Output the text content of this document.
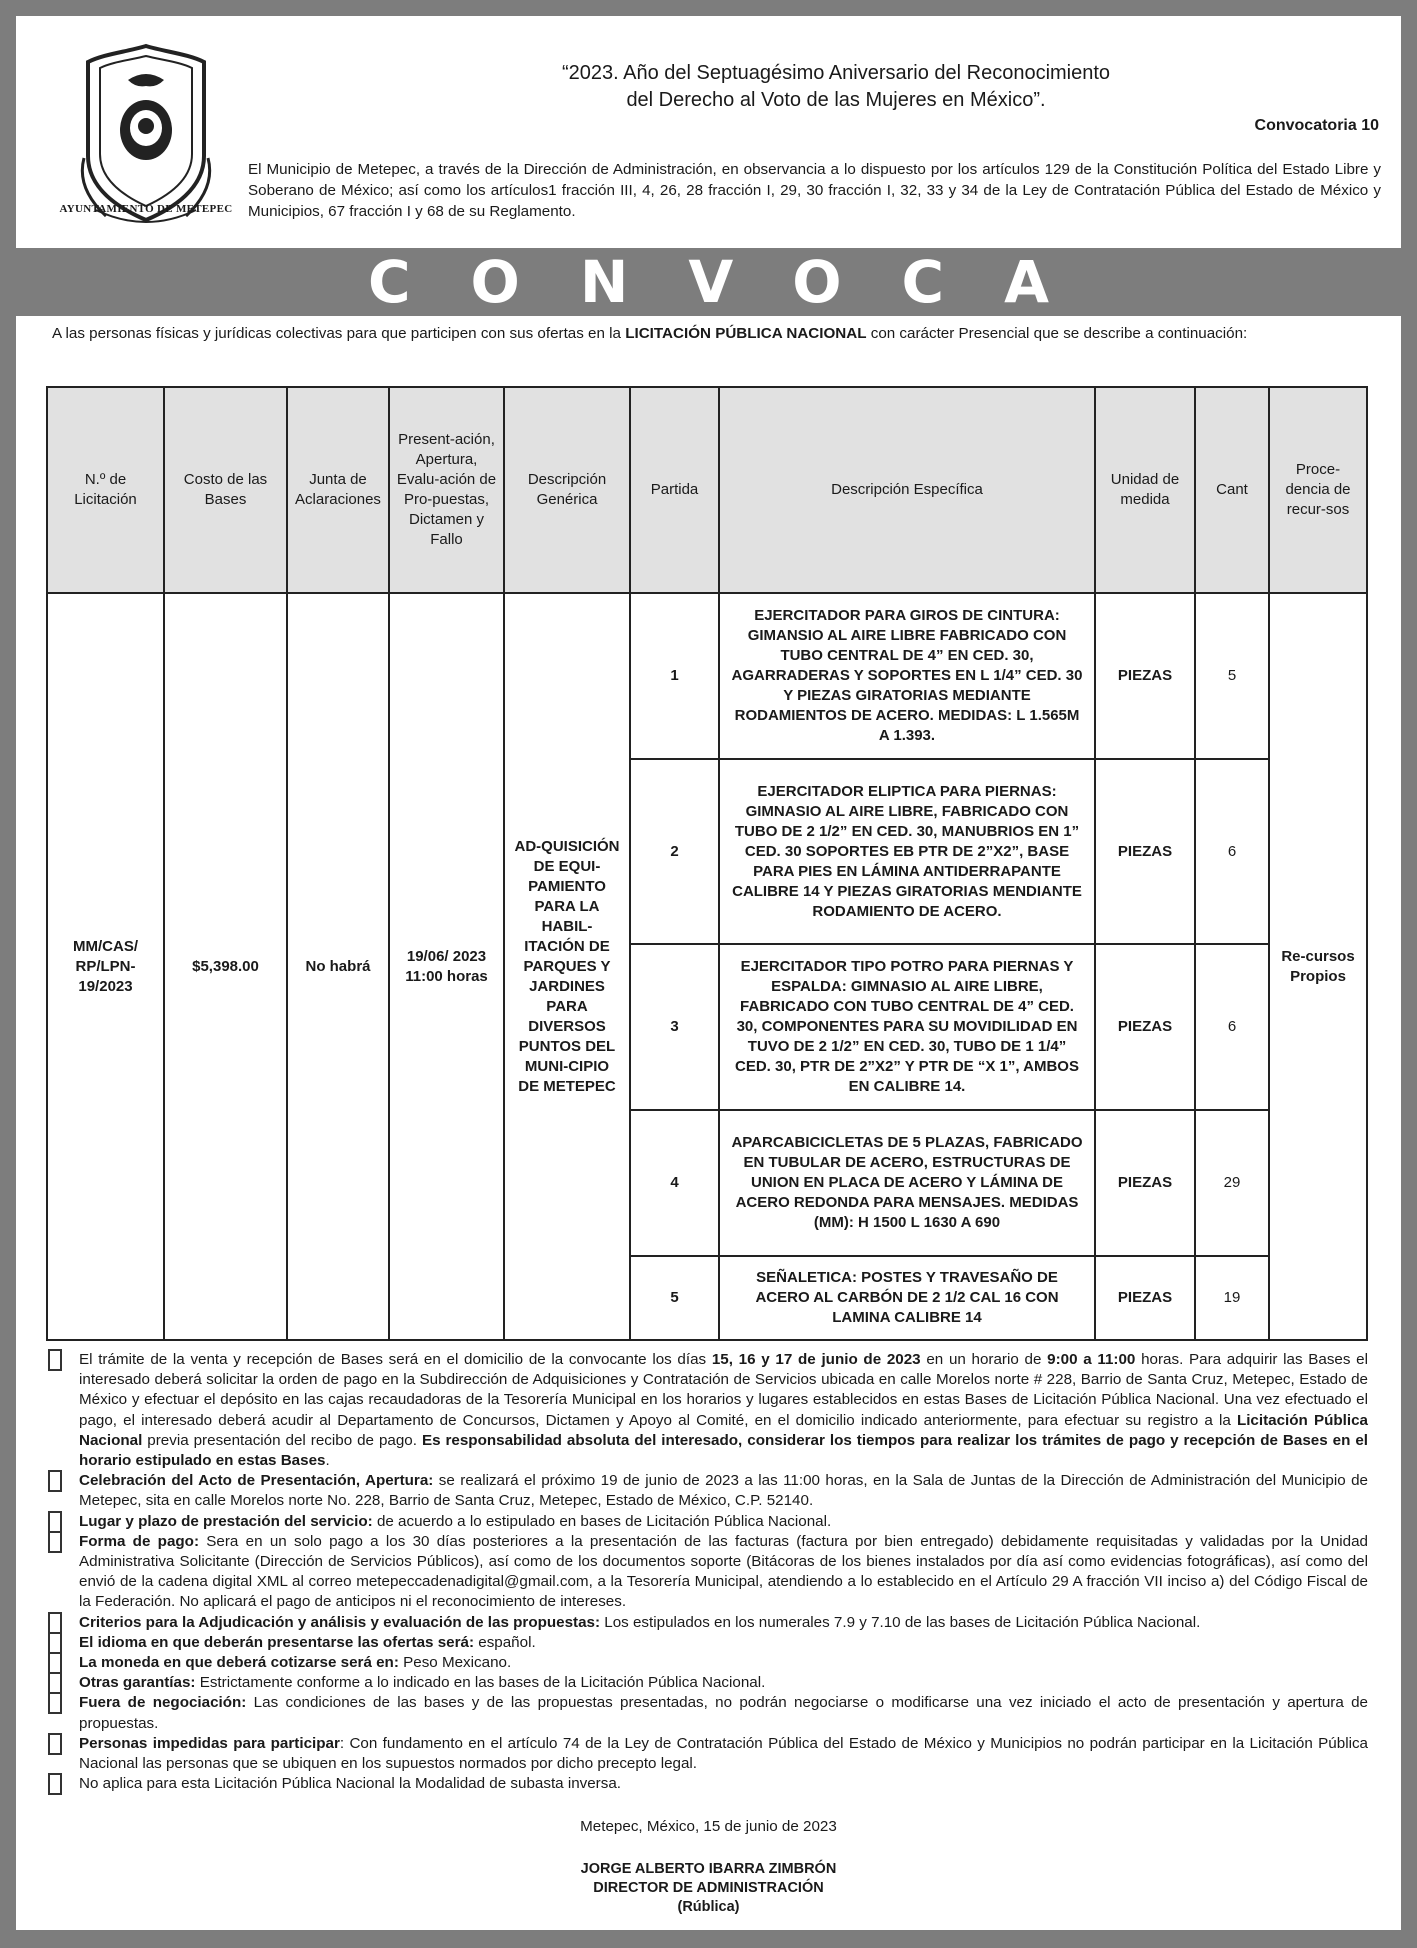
AYUNTAMIENTO DE METEPEC
“2023. Año del Septuagésimo Aniversario del Reconocimiento
del Derecho al Voto de las Mujeres en México”.
Convocatoria 10
El Municipio de Metepec, a través de la Dirección de Administración, en observancia a lo dispuesto por los artículos 129 de la Constitución Política del Estado Libre y Soberano de México; así como los artículos1 fracción III, 4, 26, 28 fracción I, 29, 30 fracción I, 32, 33 y 34 de la Ley de Contratación Pública del Estado de México y Municipios, 67 fracción I y 68 de su Reglamento.
CONVOCA
A las personas físicas y jurídicas colectivas para que participen con sus ofertas en la LICITACIÓN PÚBLICA NACIONAL con carácter Presencial que se describe a continuación:
N.º de Licitación	Costo de las Bases	Junta de Aclaraciones	Present-ación, Apertura, Evalu-ación de Pro-puestas, Dictamen y Fallo	Descripción Genérica	Partida	Descripción Específica	Unidad de medida	Cant	Proce-dencia de recur-sos
MM/CAS/ RP/LPN-19/2023	$5,398.00	No habrá	19/06/ 2023 11:00 horas	AD-QUISICIÓN DE EQUI-PAMIENTO PARA LA HABIL-ITACIÓN DE PARQUES Y JARDINES PARA DIVERSOS PUNTOS DEL MUNI-CIPIO DE METEPEC	1	EJERCITADOR PARA GIROS DE CINTURA: GIMANSIO AL AIRE LIBRE FABRICADO CON TUBO CENTRAL DE 4” EN CED. 30, AGARRADERAS Y SOPORTES EN L 1/4” CED. 30 Y PIEZAS GIRATORIAS MEDIANTE RODAMIENTOS DE ACERO. MEDIDAS: L 1.565M A 1.393.	PIEZAS	5	Re-cursos Propios
					2	EJERCITADOR ELIPTICA PARA PIERNAS: GIMNASIO AL AIRE LIBRE, FABRICADO CON TUBO DE 2 1/2” EN CED. 30, MANUBRIOS EN 1” CED. 30 SOPORTES EB PTR DE 2”X2”, BASE PARA PIES EN LÁMINA ANTIDERRAPANTE CALIBRE 14 Y PIEZAS GIRATORIAS MENDIANTE RODAMIENTO DE ACERO.	PIEZAS	6	
					3	EJERCITADOR TIPO POTRO PARA PIERNAS Y ESPALDA: GIMNASIO AL AIRE LIBRE, FABRICADO CON TUBO CENTRAL DE 4” CED. 30, COMPONENTES PARA SU MOVIDILIDAD EN TUVO DE 2 1/2” EN CED. 30, TUBO DE 1 1/4” CED. 30, PTR DE 2”X2” Y PTR DE “X 1”, AMBOS EN CALIBRE 14.	PIEZAS	6	
					4	APARCABICICLETAS DE 5 PLAZAS, FABRICADO EN TUBULAR DE ACERO, ESTRUCTURAS DE UNION EN PLACA DE ACERO Y LÁMINA DE ACERO REDONDA PARA MENSAJES. MEDIDAS (MM): H 1500 L 1630 A 690	PIEZAS	29	
					5	SEÑALETICA: POSTES Y TRAVESAÑO DE ACERO AL CARBÓN DE 2 1/2 CAL 16 CON LAMINA CALIBRE 14	PIEZAS	19	
El trámite de la venta y recepción de Bases será en el domicilio de la convocante los días 15, 16 y 17 de junio de 2023 en un horario de 9:00 a 11:00 horas. Para adquirir las Bases el interesado deberá solicitar la orden de pago en la Subdirección de Adquisiciones y Contratación de Servicios ubicada en calle Morelos norte # 228, Barrio de Santa Cruz, Metepec, Estado de México y efectuar el depósito en las cajas recaudadoras de la Tesorería Municipal en los horarios y lugares establecidos en estas Bases de Licitación Pública Nacional. Una vez efectuado el pago, el interesado deberá acudir al Departamento de Concursos, Dictamen y Apoyo al Comité, en el domicilio indicado anteriormente, para efectuar su registro a la Licitación Pública Nacional previa presentación del recibo de pago. Es responsabilidad absoluta del interesado, considerar los tiempos para realizar los trámites de pago y recepción de Bases en el horario estipulado en estas Bases.
Celebración del Acto de Presentación, Apertura: se realizará el próximo 19 de junio de 2023 a las 11:00 horas, en la Sala de Juntas de la Dirección de Administración del Municipio de Metepec, sita en calle Morelos norte No. 228, Barrio de Santa Cruz, Metepec, Estado de México, C.P. 52140.
Lugar y plazo de prestación del servicio: de acuerdo a lo estipulado en bases de Licitación Pública Nacional.
Forma de pago: Sera en un solo pago a los 30 días posteriores a la presentación de las facturas (factura por bien entregado) debidamente requisitadas y validadas por la Unidad Administrativa Solicitante (Dirección de Servicios Públicos), así como de los documentos soporte (Bitácoras de los bienes instalados por día así como evidencias fotográficas), así como del envió de la cadena digital XML al correo metepeccadenadigital@gmail.com, a la Tesorería Municipal, atendiendo a lo establecido en el Artículo 29 A fracción VII inciso a) del Código Fiscal de la Federación. No aplicará el pago de anticipos ni el reconocimiento de intereses.
Criterios para la Adjudicación y análisis y evaluación de las propuestas: Los estipulados en los numerales 7.9 y 7.10 de las bases de Licitación Pública Nacional.
El idioma en que deberán presentarse las ofertas será: español.
La moneda en que deberá cotizarse será en: Peso Mexicano.
Otras garantías: Estrictamente conforme a lo indicado en las bases de la Licitación Pública Nacional.
Fuera de negociación: Las condiciones de las bases y de las propuestas presentadas, no podrán negociarse o modificarse una vez iniciado el acto de presentación y apertura de propuestas.
Personas impedidas para participar: Con fundamento en el artículo 74 de la Ley de Contratación Pública del Estado de México y Municipios no podrán participar en la Licitación Pública Nacional las personas que se ubiquen en los supuestos normados por dicho precepto legal.
No aplica para esta Licitación Pública Nacional la Modalidad de subasta inversa.
Metepec, México, 15 de junio de 2023
JORGE ALBERTO IBARRA ZIMBRÓN
DIRECTOR DE ADMINISTRACIÓN
(Rública)
